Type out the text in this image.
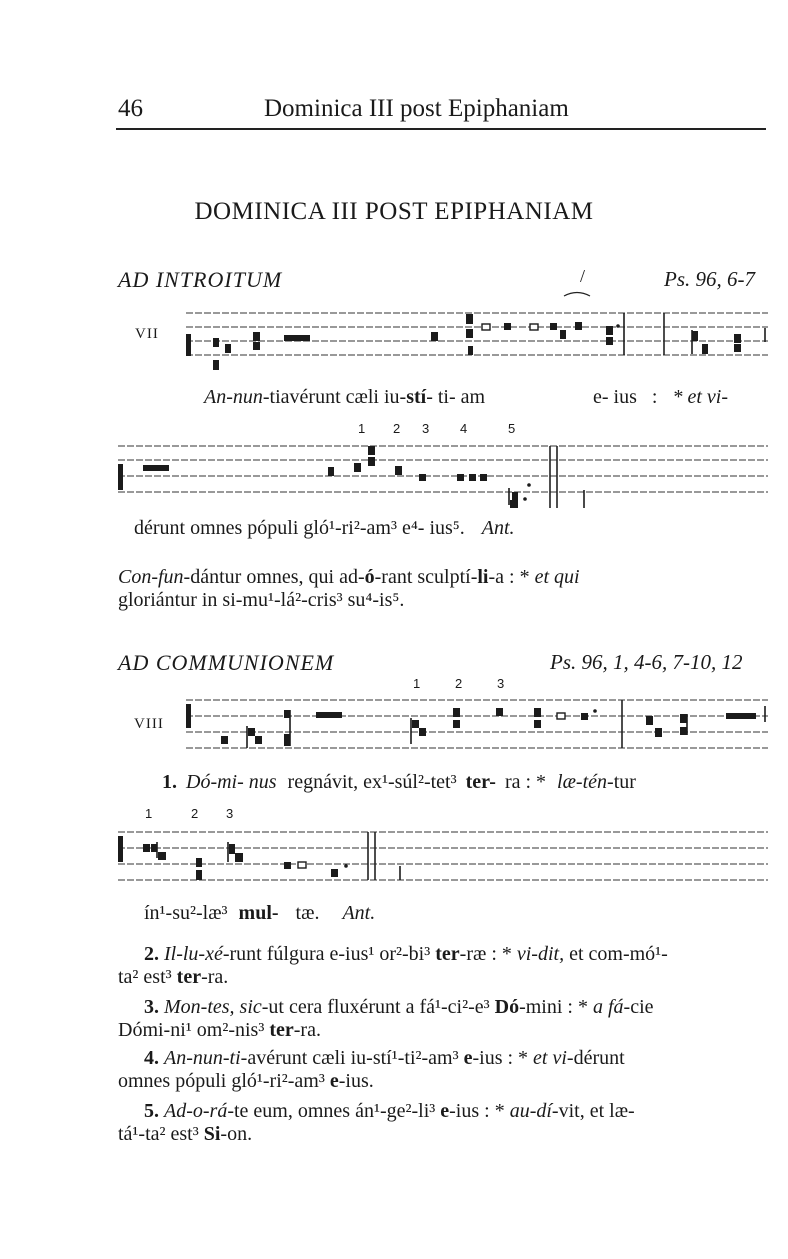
46	Dominica III post Epiphaniam
DOMINICA III POST EPIPHANIAM
AD INTROITUM	/	Ps. 96, 6-7
VII
An-nun-tiavérunt cæli iu-stí- ti- am	e- ius : * et vi-
1 2 3 4	5
dérunt omnes pópuli gló¹-ri²-am³ e⁴- ius⁵. Ant.
Con-fun-dántur omnes, qui ad-ó-rant sculptí-li-a : * et qui
gloriántur in si-mu¹-lá²-cris³ su⁴-is⁵.
AD COMMUNIONEM	Ps. 96, 1, 4-6, 7-10, 12
1	2	3
VIII
1. Dó-mi- nus regnávit, ex¹-súl²-tet³ ter- ra : * læ-tén-tur
1	2 3
ín¹-su²-læ³ mul- tæ. Ant.
2. Il-lu-xé-runt fúlgura e-ius¹ or²-bi³ ter-ræ : * vi-dit, et com-mó¹-
ta² est³ ter-ra.
3. Mon-tes, sic-ut cera fluxérunt a fá¹-ci²-e³ Dó-mini : * a fá-cie
Dómi-ni¹ om²-nis³ ter-ra.
4. An-nun-ti-avérunt cæli iu-stí¹-ti²-am³ e-ius : * et vi-dérunt
omnes pópuli gló¹-ri²-am³ e-ius.
5. Ad-o-rá-te eum, omnes án¹-ge²-li³ e-ius : * au-dí-vit, et læ-
tá¹-ta² est³ Si-on.
